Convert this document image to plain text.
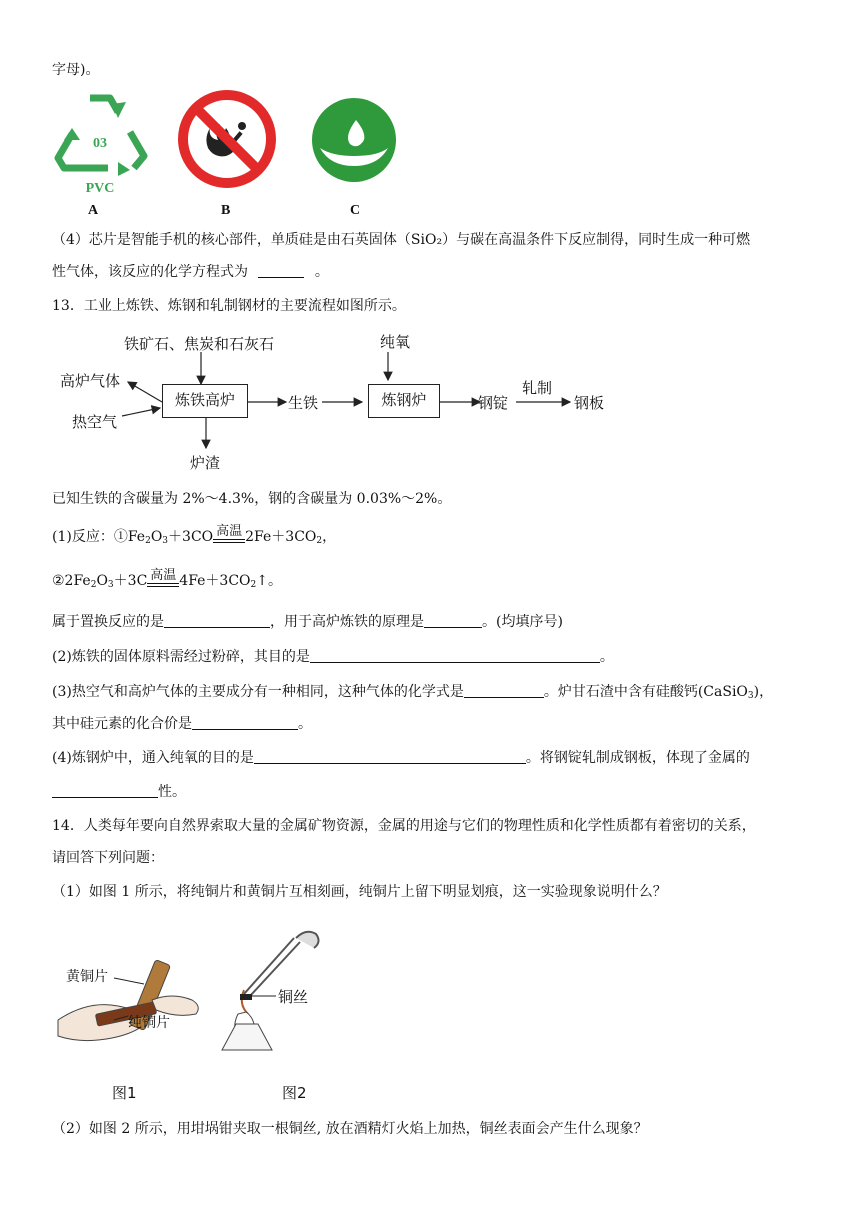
字母)。
03
PVC
A	B	C
（4）芯片是智能手机的核心部件，单质硅是由石英固体（SiO₂）与碳在高温条件下反应制得，同时生成一种可燃
性气体，该反应的化学方程式为	。
13．工业上炼铁、炼钢和轧制钢材的主要流程如图所示。
铁矿石、焦炭和石灰石
高炉气体
热空气
炼铁高炉
炉渣
生铁
纯氧
炼钢炉	钢锭
轧制
钢板
已知生铁的含碳量为 2%～4.3%，钢的含碳量为 0.03%～2%。
(1)反应：$①Fe_2O_3+3CO$ 高温 $2Fe+3CO_2$，
$②2Fe_2O_3+3C$ 高温 $4Fe+3CO_2↑$。
属于置换反应的是	，用于高炉炼铁的原理是	。(均填序号)
(2)炼铁的固体原料需经过粉碎，其目的是	。
(3)热空气和高炉气体的主要成分有一种相同，这种气体的化学式是	。炉甘石渣中含有硅酸钙(CaSiO$_3$)，
其中硅元素的化合价是	。
(4)炼钢炉中，通入纯氧的目的是	。将钢锭轧制成钢板，体现了金属的
性。
14．人类每年要向自然界索取大量的金属矿物资源，金属的用途与它们的物理性质和化学性质都有着密切的关系，
请回答下列问题：
（1）如图 1 所示，将纯铜片和黄铜片互相刻画，纯铜片上留下明显划痕，这一实验现象说明什么？
黄铜片
纯铜片
铜丝
图1	图2
（2）如图 2 所示，用坩埚钳夹取一根铜丝, 放在酒精灯火焰上加热，铜丝表面会产生什么现象？
